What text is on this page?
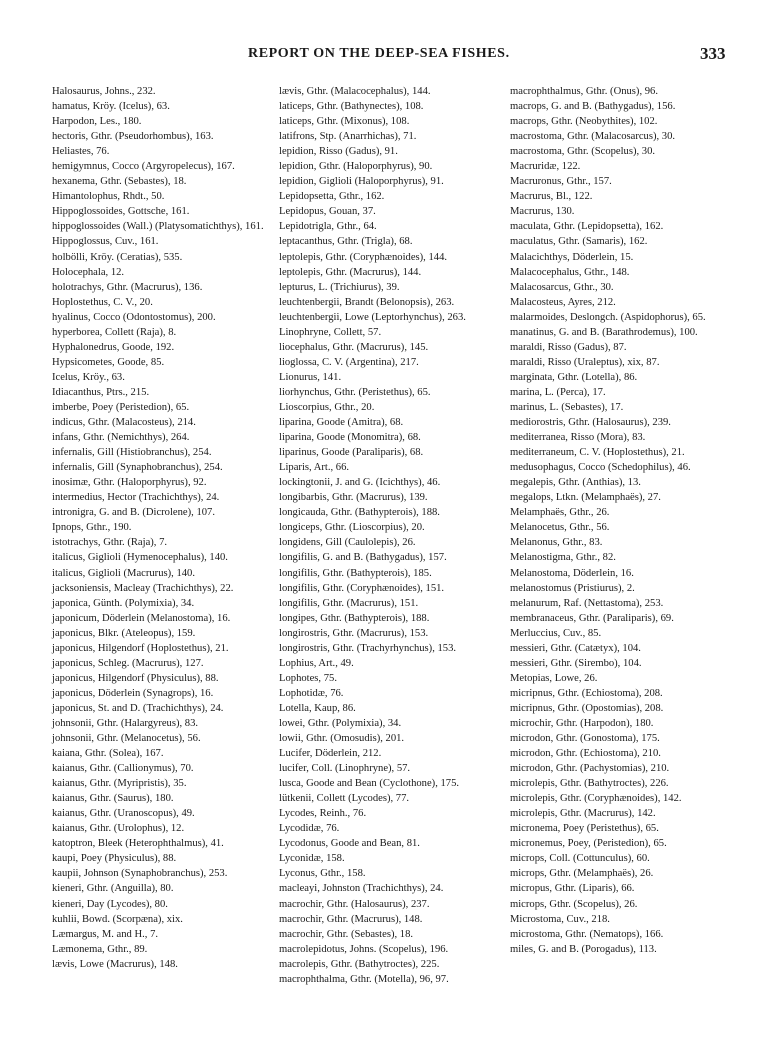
REPORT ON THE DEEP-SEA FISHES.	333
Halosaurus, Johns., 232.
hamatus, Kröy. (Icelus), 63.
Harpodon, Les., 180.
hectoris, Gthr. (Pseudorhombus), 163.
Heliastes, 76.
hemigymnus, Cocco (Argyropelecus), 167.
hexanema, Gthr. (Sebastes), 18.
Himantolophus, Rhdt., 50.
Hippoglossoides, Gottsche, 161.
hippoglossoides (Wall.) (Platysomatichthys), 161.
Hippoglossus, Cuv., 161.
holbölli, Kröy. (Ceratias), 535.
Holocephala, 12.
holotrachys, Gthr. (Macrurus), 136.
Hoplostethus, C. V., 20.
hyalinus, Cocco (Odontostomus), 200.
hyperborea, Collett (Raja), 8.
Hyphalonedrus, Goode, 192.
Hypsicometes, Goode, 85.
Icelus, Kröy., 63.
Idiacanthus, Ptrs., 215.
imberbe, Poey (Peristedion), 65.
indicus, Gthr. (Malacosteus), 214.
infans, Gthr. (Nemichthys), 264.
infernalis, Gill (Histiobranchus), 254.
infernalis, Gill (Synaphobranchus), 254.
inosimæ, Gthr. (Haloporphyrus), 92.
intermedius, Hector (Trachichthys), 24.
intronigra, G. and B. (Dicrolene), 107.
Ipnops, Gthr., 190.
istotrachys, Gthr. (Raja), 7.
italicus, Giglioli (Hymenocephalus), 140.
italicus, Giglioli (Macrurus), 140.
jacksoniensis, Macleay (Trachichthys), 22.
japonica, Günth. (Polymixia), 34.
japonicum, Döderlein (Melanostoma), 16.
japonicus, Blkr. (Ateleopus), 159.
japonicus, Hilgendorf (Hoplostethus), 21.
japonicus, Schleg. (Macrurus), 127.
japonicus, Hilgendorf (Physiculus), 88.
japonicus, Döderlein (Synagrops), 16.
japonicus, St. and D. (Trachichthys), 24.
johnsonii, Gthr. (Halargyreus), 83.
johnsonii, Gthr. (Melanocetus), 56.
kaiana, Gthr. (Solea), 167.
kaianus, Gthr. (Callionymus), 70.
kaianus, Gthr. (Myripristis), 35.
kaianus, Gthr. (Saurus), 180.
kaianus, Gthr. (Uranoscopus), 49.
kaianus, Gthr. (Urolophus), 12.
katoptron, Bleek (Heterophthalmus), 41.
kaupi, Poey (Physiculus), 88.
kaupii, Johnson (Synaphobranchus), 253.
kieneri, Gthr. (Anguilla), 80.
kieneri, Day (Lycodes), 80.
kuhlii, Bowd. (Scorpæna), xix.
Læmargus, M. and H., 7.
Læmonema, Gthr., 89.
lævis, Lowe (Macrurus), 148.
lævis, Gthr. (Malacocephalus), 144.
laticeps, Gthr. (Bathynectes), 108.
laticeps, Gthr. (Mixonus), 108.
latifrons, Stp. (Anarrhichas), 71.
lepidion, Risso (Gadus), 91.
lepidion, Gthr. (Haloporphyrus), 90.
lepidion, Giglioli (Haloporphyrus), 91.
Lepidopsetta, Gthr., 162.
Lepidopus, Gouan, 37.
Lepidotrigla, Gthr., 64.
leptacanthus, Gthr. (Trigla), 68.
leptolepis, Gthr. (Coryphænoides), 144.
leptolepis, Gthr. (Macrurus), 144.
lepturus, L. (Trichiurus), 39.
leuchtenbergii, Brandt (Belonopsis), 263.
leuchtenbergii, Lowe (Leptorhynchus), 263.
Linophryne, Collett, 57.
liocephalus, Gthr. (Macrurus), 145.
lioglossa, C. V. (Argentina), 217.
Lionurus, 141.
liorhynchus, Gthr. (Peristethus), 65.
Lioscorpius, Gthr., 20.
liparina, Goode (Amitra), 68.
liparina, Goode (Monomitra), 68.
liparinus, Goode (Paraliparis), 68.
Liparis, Art., 66.
lockingtonii, J. and G. (Icichthys), 46.
longibarbis, Gthr. (Macrurus), 139.
longicauda, Gthr. (Bathypterois), 188.
longiceps, Gthr. (Lioscorpius), 20.
longidens, Gill (Caulolepis), 26.
longifilis, G. and B. (Bathygadus), 157.
longifilis, Gthr. (Bathypterois), 185.
longifilis, Gthr. (Coryphænoides), 151.
longifilis, Gthr. (Macrurus), 151.
longipes, Gthr. (Bathypterois), 188.
longirostris, Gthr. (Macrurus), 153.
longirostris, Gthr. (Trachyrhynchus), 153.
Lophius, Art., 49.
Lophotes, 75.
Lophotidæ, 76.
Lotella, Kaup, 86.
lowei, Gthr. (Polymixia), 34.
lowii, Gthr. (Omosudis), 201.
Lucifer, Döderlein, 212.
lucifer, Coll. (Linophryne), 57.
lusca, Goode and Bean (Cyclothone), 175.
lütkenii, Collett (Lycodes), 77.
Lycodes, Reinh., 76.
Lycodidæ, 76.
Lycodonus, Goode and Bean, 81.
Lyconidæ, 158.
Lyconus, Gthr., 158.
macleayi, Johnston (Trachichthys), 24.
macrochir, Gthr. (Halosaurus), 237.
macrochir, Gthr. (Macrurus), 148.
macrochir, Gthr. (Sebastes), 18.
macrolepidotus, Johns. (Scopelus), 196.
macrolepis, Gthr. (Bathytroctes), 225.
macrophthalma, Gthr. (Motella), 96, 97.
macrophthalmus, Gthr. (Onus), 96.
macrops, G. and B. (Bathygadus), 156.
macrops, Gthr. (Neobythites), 102.
macrostoma, Gthr. (Malacosarcus), 30.
macrostoma, Gthr. (Scopelus), 30.
Macruridæ, 122.
Macruronus, Gthr., 157.
Macrurus, Bl., 122.
Macrurus, 130.
maculata, Gthr. (Lepidopsetta), 162.
maculatus, Gthr. (Samaris), 162.
Malacichthys, Döderlein, 15.
Malacocephalus, Gthr., 148.
Malacosarcus, Gthr., 30.
Malacosteus, Ayres, 212.
malarmoides, Deslongch. (Aspidophorus), 65.
manatinus, G. and B. (Barathrodemus), 100.
maraldi, Risso (Gadus), 87.
maraldi, Risso (Uraleptus), xix, 87.
marginata, Gthr. (Lotella), 86.
marina, L. (Perca), 17.
marinus, L. (Sebastes), 17.
mediorostris, Gthr. (Halosaurus), 239.
mediterranea, Risso (Mora), 83.
mediterraneum, C. V. (Hoplostethus), 21.
medusophagus, Cocco (Schedophilus), 46.
megalepis, Gthr. (Anthias), 13.
megalops, Ltkn. (Melamphaës), 27.
Melamphaës, Gthr., 26.
Melanocetus, Gthr., 56.
Melanonus, Gthr., 83.
Melanostigma, Gthr., 82.
Melanostoma, Döderlein, 16.
melanostomus (Pristiurus), 2.
melanurum, Raf. (Nettastoma), 253.
membranaceus, Gthr. (Paraliparis), 69.
Merluccius, Cuv., 85.
messieri, Gthr. (Catætyx), 104.
messieri, Gthr. (Sirembo), 104.
Metopias, Lowe, 26.
micripnus, Gthr. (Echiostoma), 208.
micripnus, Gthr. (Opostomias), 208.
microchir, Gthr. (Harpodon), 180.
microdon, Gthr. (Gonostoma), 175.
microdon, Gthr. (Echiostoma), 210.
microdon, Gthr. (Pachystomias), 210.
microlepis, Gthr. (Bathytroctes), 226.
microlepis, Gthr. (Coryphænoides), 142.
microlepis, Gthr. (Macrurus), 142.
micronema, Poey (Peristethus), 65.
micronemus, Poey, (Peristedion), 65.
microps, Coll. (Cottunculus), 60.
microps, Gthr. (Melamphaës), 26.
micropus, Gthr. (Liparis), 66.
microps, Gthr. (Scopelus), 26.
Microstoma, Cuv., 218.
microstoma, Gthr. (Nematops), 166.
miles, G. and B. (Porogadus), 113.
